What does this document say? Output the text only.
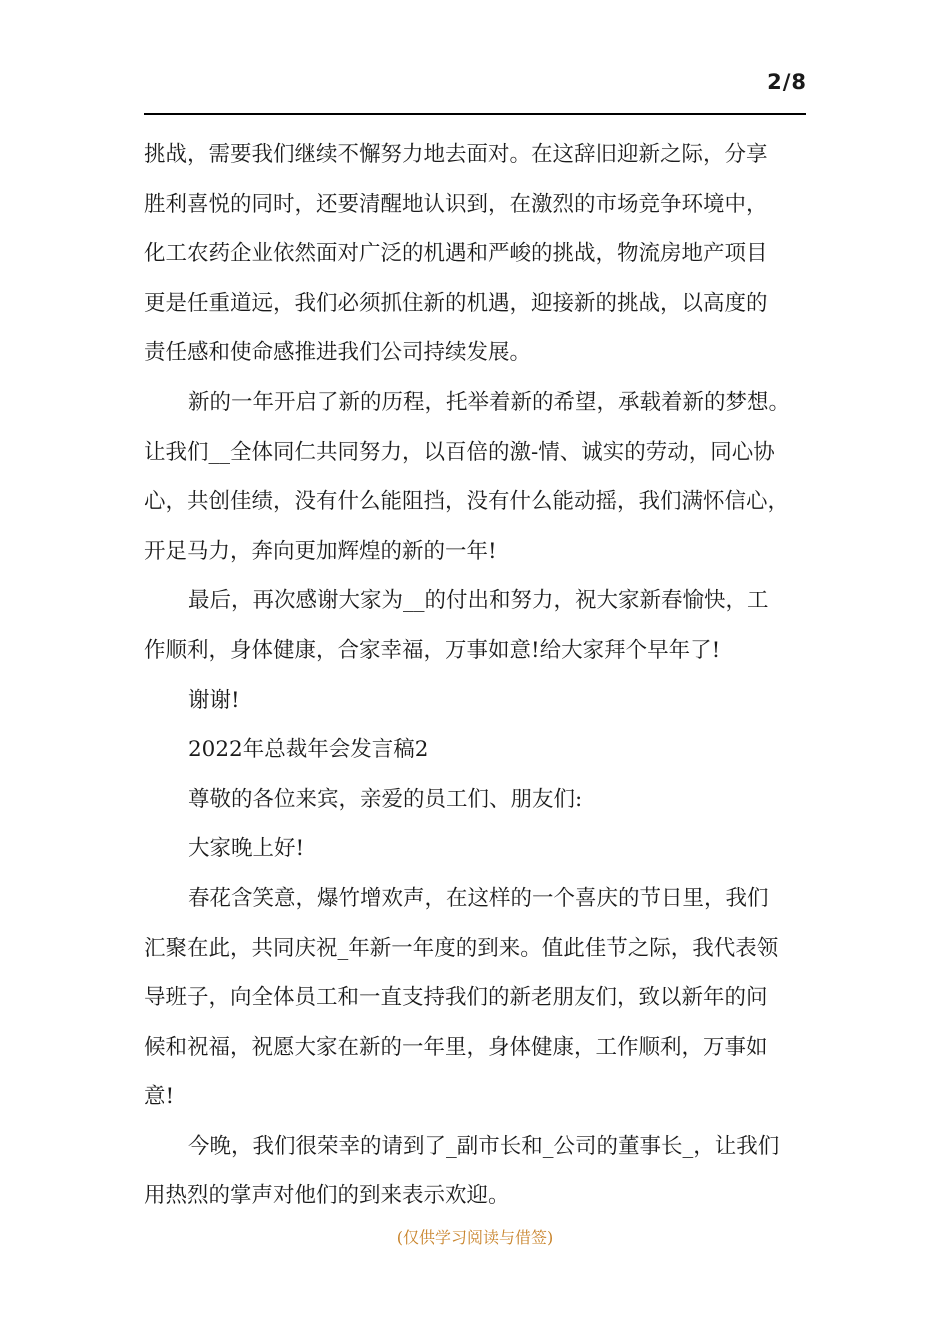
2/8
挑战，需要我们继续不懈努力地去面对。在这辞旧迎新之际，分享
胜利喜悦的同时，还要清醒地认识到，在激烈的市场竞争环境中，
化工农药企业依然面对广泛的机遇和严峻的挑战，物流房地产项目
更是任重道远，我们必须抓住新的机遇，迎接新的挑战，以高度的
责任感和使命感推进我们公司持续发展。
新的一年开启了新的历程，托举着新的希望，承载着新的梦想。
让我们__全体同仁共同努力，以百倍的激-情、诚实的劳动，同心协
心，共创佳绩，没有什么能阻挡，没有什么能动摇，我们满怀信心，
开足马力，奔向更加辉煌的新的一年!
最后，再次感谢大家为__的付出和努力，祝大家新春愉快，工
作顺利，身体健康，合家幸福，万事如意!给大家拜个早年了!
谢谢!
2022年总裁年会发言稿2
尊敬的各位来宾，亲爱的员工们、朋友们:
大家晚上好!
春花含笑意，爆竹增欢声，在这样的一个喜庆的节日里，我们
汇聚在此，共同庆祝_年新一年度的到来。值此佳节之际，我代表领
导班子，向全体员工和一直支持我们的新老朋友们，致以新年的问
候和祝福，祝愿大家在新的一年里，身体健康，工作顺利，万事如
意!
今晚，我们很荣幸的请到了_副市长和_公司的董事长_，让我们
用热烈的掌声对他们的到来表示欢迎。
(仅供学习阅读与借签)
